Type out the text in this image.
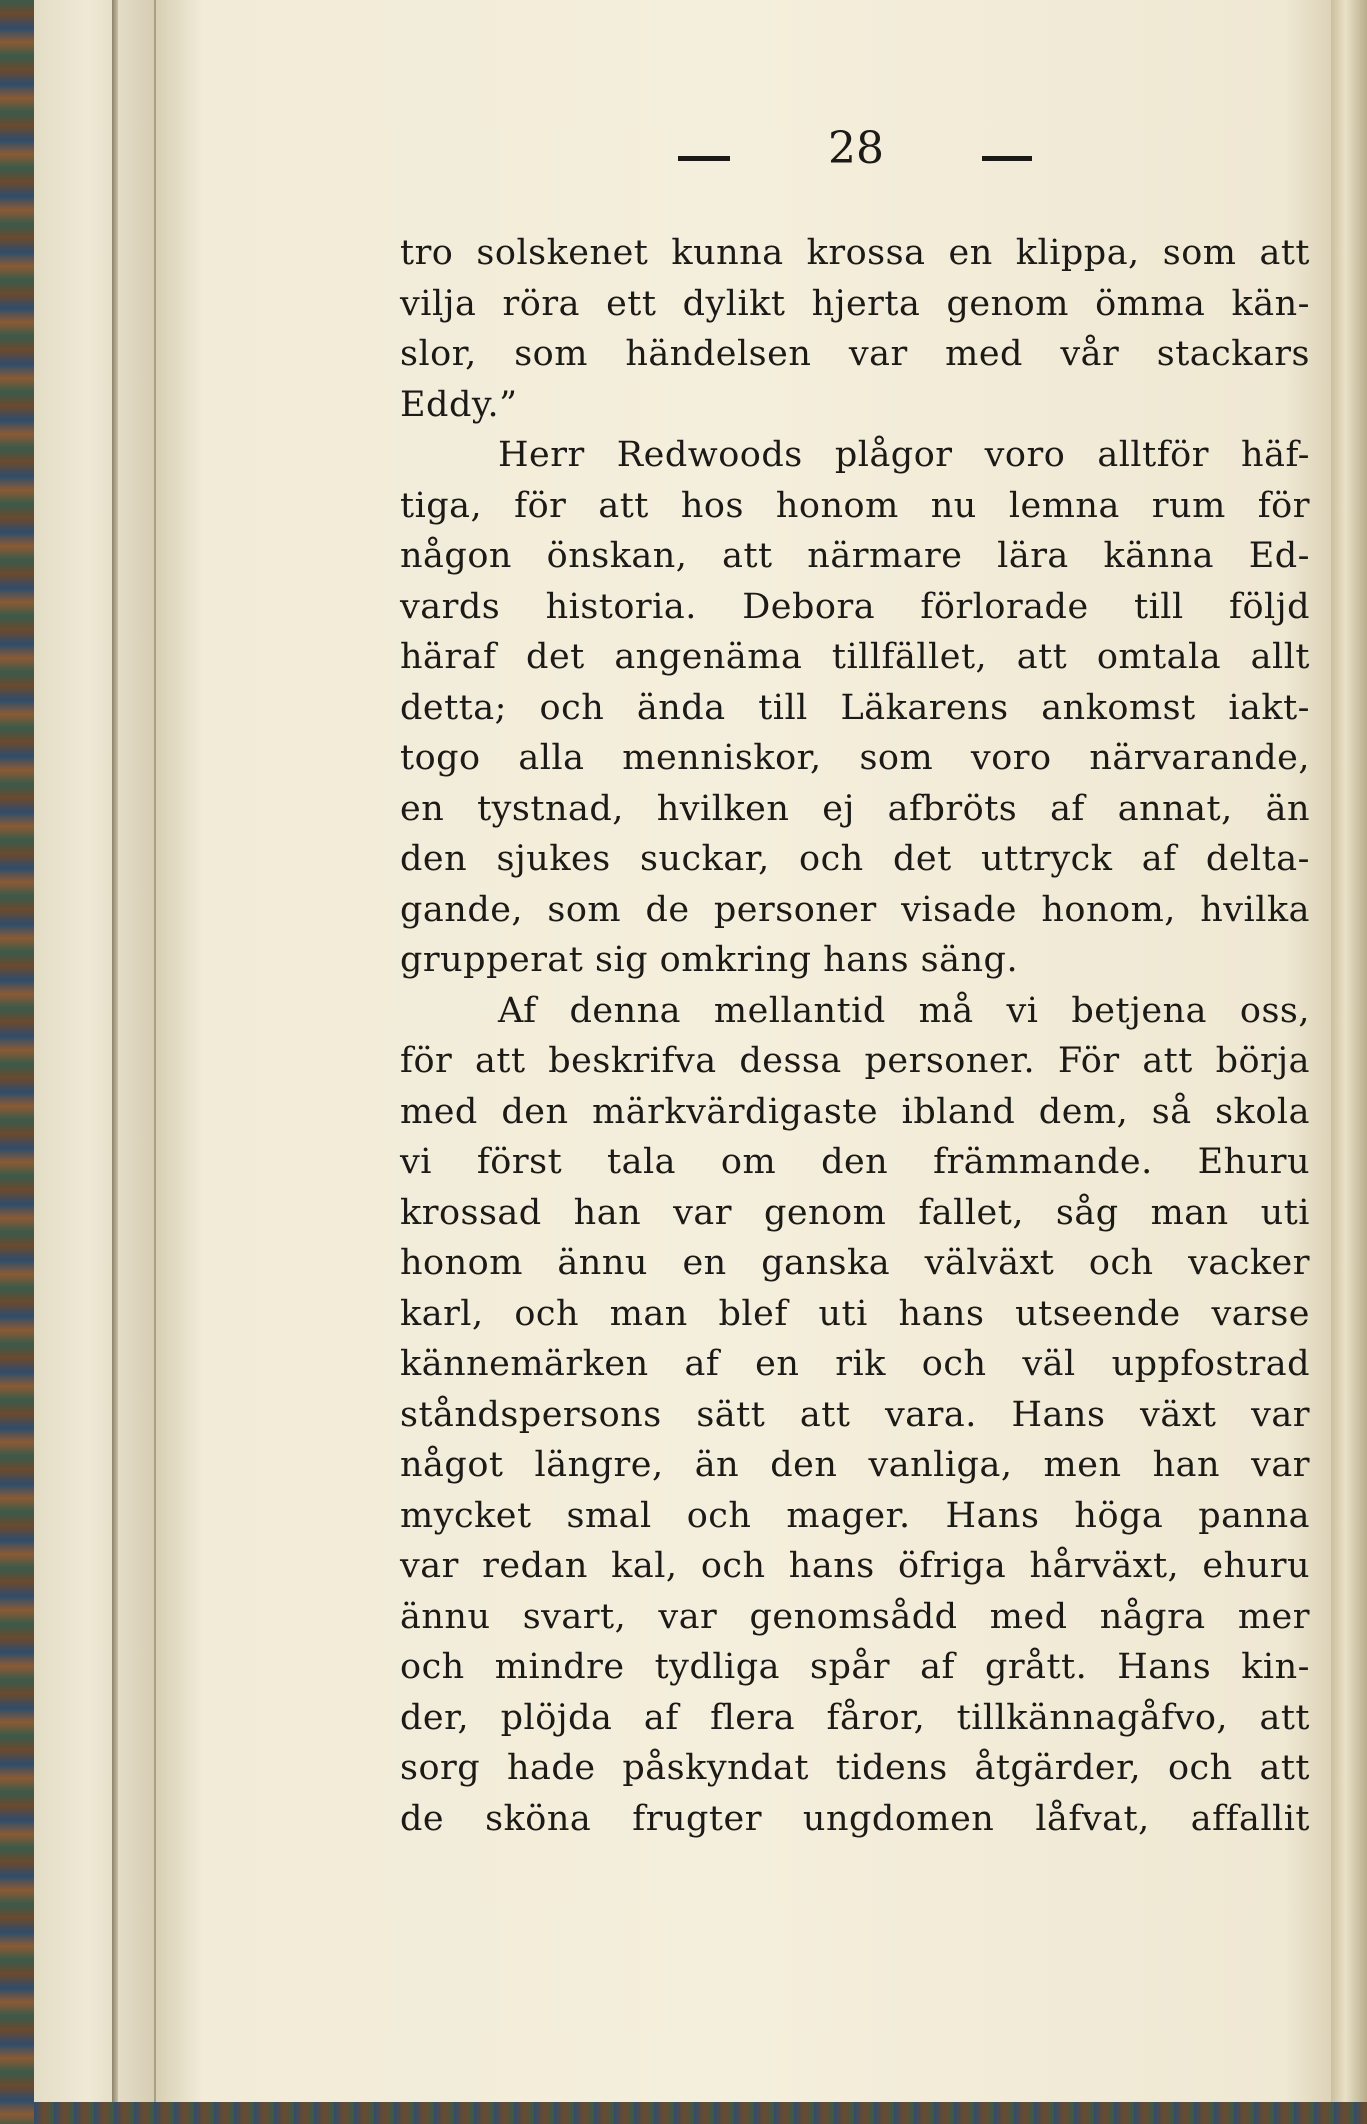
28
tro solskenet kunna krossa en klippa, som att
vilja röra ett dylikt hjerta genom ömma kän-
slor, som händelsen var med vår stackars
Eddy.”
Herr Redwoods plågor voro alltför häf-
tiga, för att hos honom nu lemna rum för
någon önskan, att närmare lära känna Ed-
vards historia. Debora förlorade till följd
häraf det angenäma tillfället, att omtala allt
detta; och ända till Läkarens ankomst iakt-
togo alla menniskor, som voro närvarande,
en tystnad, hvilken ej afbröts af annat, än
den sjukes suckar, och det uttryck af delta-
gande, som de personer visade honom, hvilka
grupperat sig omkring hans säng.
Af denna mellantid må vi betjena oss,
för att beskrifva dessa personer. För att börja
med den märkvärdigaste ibland dem, så skola
vi först tala om den främmande. Ehuru
krossad han var genom fallet, såg man uti
honom ännu en ganska välväxt och vacker
karl, och man blef uti hans utseende varse
kännemärken af en rik och väl uppfostrad
ståndspersons sätt att vara. Hans växt var
något längre, än den vanliga, men han var
mycket smal och mager. Hans höga panna
var redan kal, och hans öfriga hårväxt, ehuru
ännu svart, var genomsådd med några mer
och mindre tydliga spår af grått. Hans kin-
der, plöjda af flera fåror, tillkännagåfvo, att
sorg hade påskyndat tidens åtgärder, och att
de sköna frugter ungdomen låfvat, affallit
